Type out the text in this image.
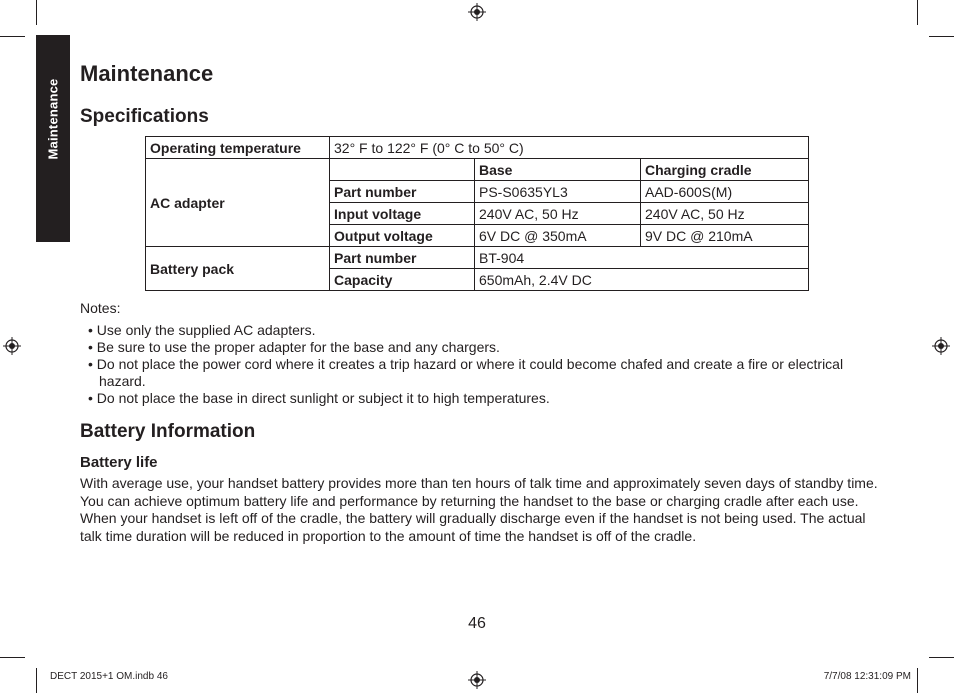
Maintenance
Maintenance
Specifications
Operating temperature	32° F to 122° F (0° C to 50° C)		
AC adapter		Base	Charging cradle
	Part number	PS-S0635YL3	AAD-600S(M)
	Input voltage	240V AC, 50 Hz	240V AC, 50 Hz
	Output voltage	6V DC @ 350mA	9V DC @ 210mA
Battery pack	Part number	BT-904	
	Capacity	650mAh, 2.4V DC	
Notes:
• Use only the supplied AC adapters.
• Be sure to use the proper adapter for the base and any chargers.
• Do not place the power cord where it creates a trip hazard or where it could become chafed and create a fire or electrical hazard.
• Do not place the base in direct sunlight or subject it to high temperatures.
Battery Information
Battery life
With average use, your handset battery provides more than ten hours of talk time and approximately seven days of standby time. You can achieve optimum battery life and performance by returning the handset to the base or charging cradle after each use. When your handset is left off of the cradle, the battery will gradually discharge even if the handset is not being used. The actual talk time duration will be reduced in proportion to the amount of time the handset is off of the cradle.
46
DECT 2015+1 OM.indb 46	7/7/08 12:31:09 PM
